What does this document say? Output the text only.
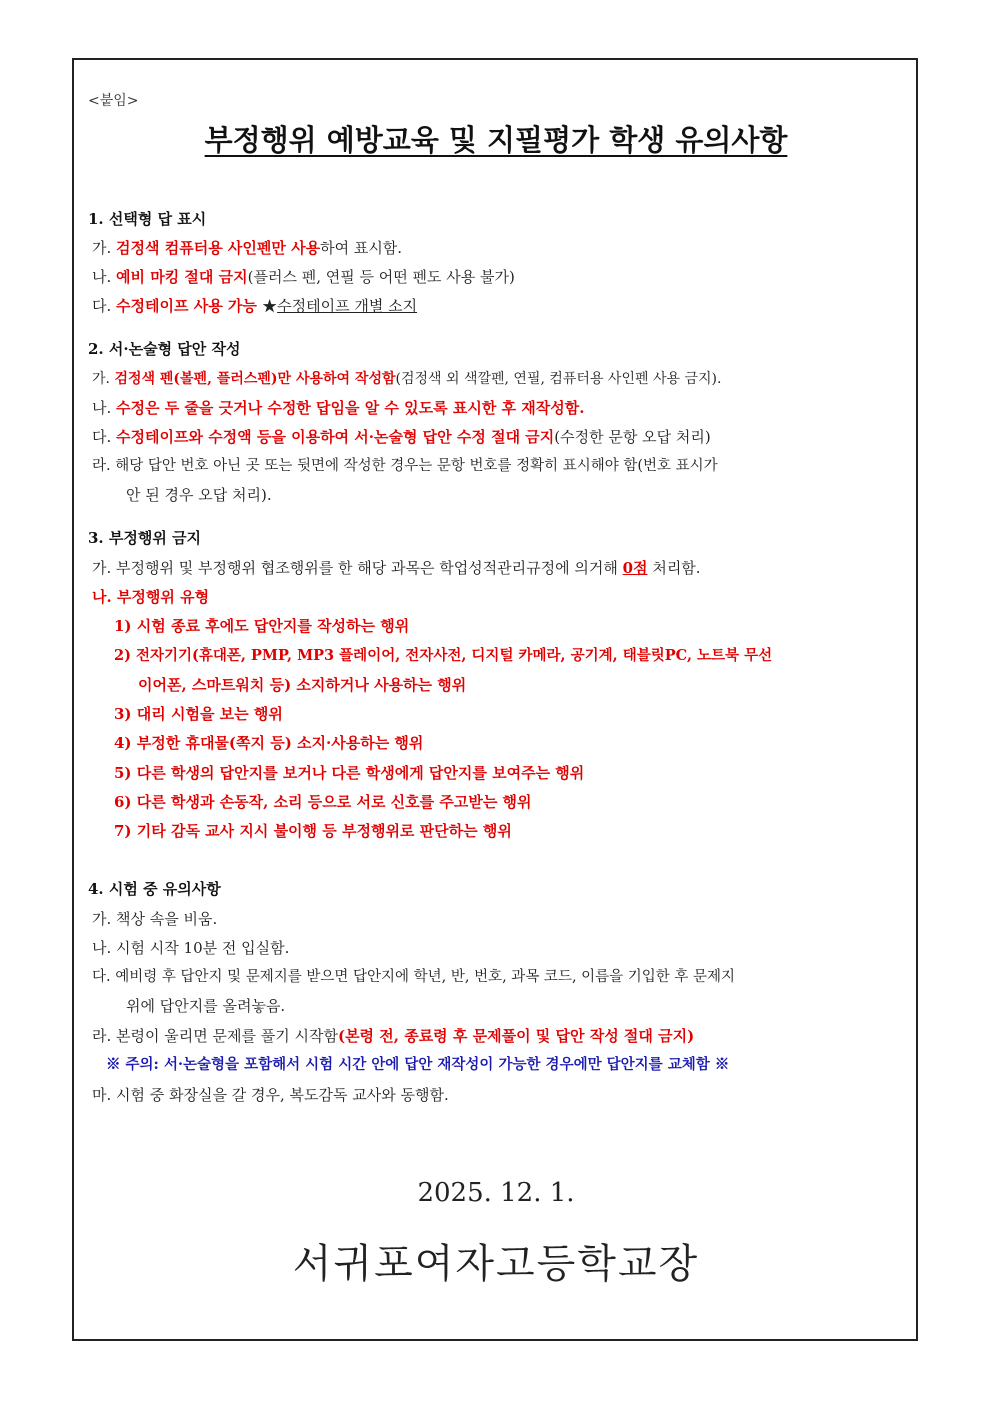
<붙임>
부정행위 예방교육 및 지필평가 학생 유의사항
1. 선택형 답 표시
가. 검정색 컴퓨터용 사인펜만 사용하여 표시함.
나. 예비 마킹 절대 금지(플러스 펜, 연필 등 어떤 펜도 사용 불가)
다. 수정테이프 사용 가능 ★수정테이프 개별 소지
2. 서·논술형 답안 작성
가. 검정색 펜(볼펜, 플러스펜)만 사용하여 작성함(검정색 외 색깔펜, 연필, 컴퓨터용 사인펜 사용 금지).
나. 수정은 두 줄을 긋거나 수정한 답임을 알 수 있도록 표시한 후 재작성함.
다. 수정테이프와 수정액 등을 이용하여 서·논술형 답안 수정 절대 금지(수정한 문항 오답 처리)
라. 해당 답안 번호 아닌 곳 또는 뒷면에 작성한 경우는 문항 번호를 정확히 표시해야 함(번호 표시가
안 된 경우 오답 처리).
3. 부정행위 금지
가. 부정행위 및 부정행위 협조행위를 한 해당 과목은 학업성적관리규정에 의거해 0점 처리함.
나. 부정행위 유형
1) 시험 종료 후에도 답안지를 작성하는 행위
2) 전자기기(휴대폰, PMP, MP3 플레이어, 전자사전, 디지털 카메라, 공기계, 태블릿PC, 노트북 무선
이어폰, 스마트워치 등) 소지하거나 사용하는 행위
3) 대리 시험을 보는 행위
4) 부정한 휴대물(쪽지 등) 소지·사용하는 행위
5) 다른 학생의 답안지를 보거나 다른 학생에게 답안지를 보여주는 행위
6) 다른 학생과 손동작, 소리 등으로 서로 신호를 주고받는 행위
7) 기타 감독 교사 지시 불이행 등 부정행위로 판단하는 행위
4. 시험 중 유의사항
가. 책상 속을 비움.
나. 시험 시작 10분 전 입실함.
다. 예비령 후 답안지 및 문제지를 받으면 답안지에 학년, 반, 번호, 과목 코드, 이름을 기입한 후 문제지
위에 답안지를 올려놓음.
라. 본령이 울리면 문제를 풀기 시작함(본령 전, 종료령 후 문제풀이 및 답안 작성 절대 금지)
※ 주의: 서·논술형을 포함해서 시험 시간 안에 답안 재작성이 가능한 경우에만 답안지를 교체함 ※
마. 시험 중 화장실을 갈 경우, 복도감독 교사와 동행함.
2025. 12. 1.
서귀포여자고등학교장
